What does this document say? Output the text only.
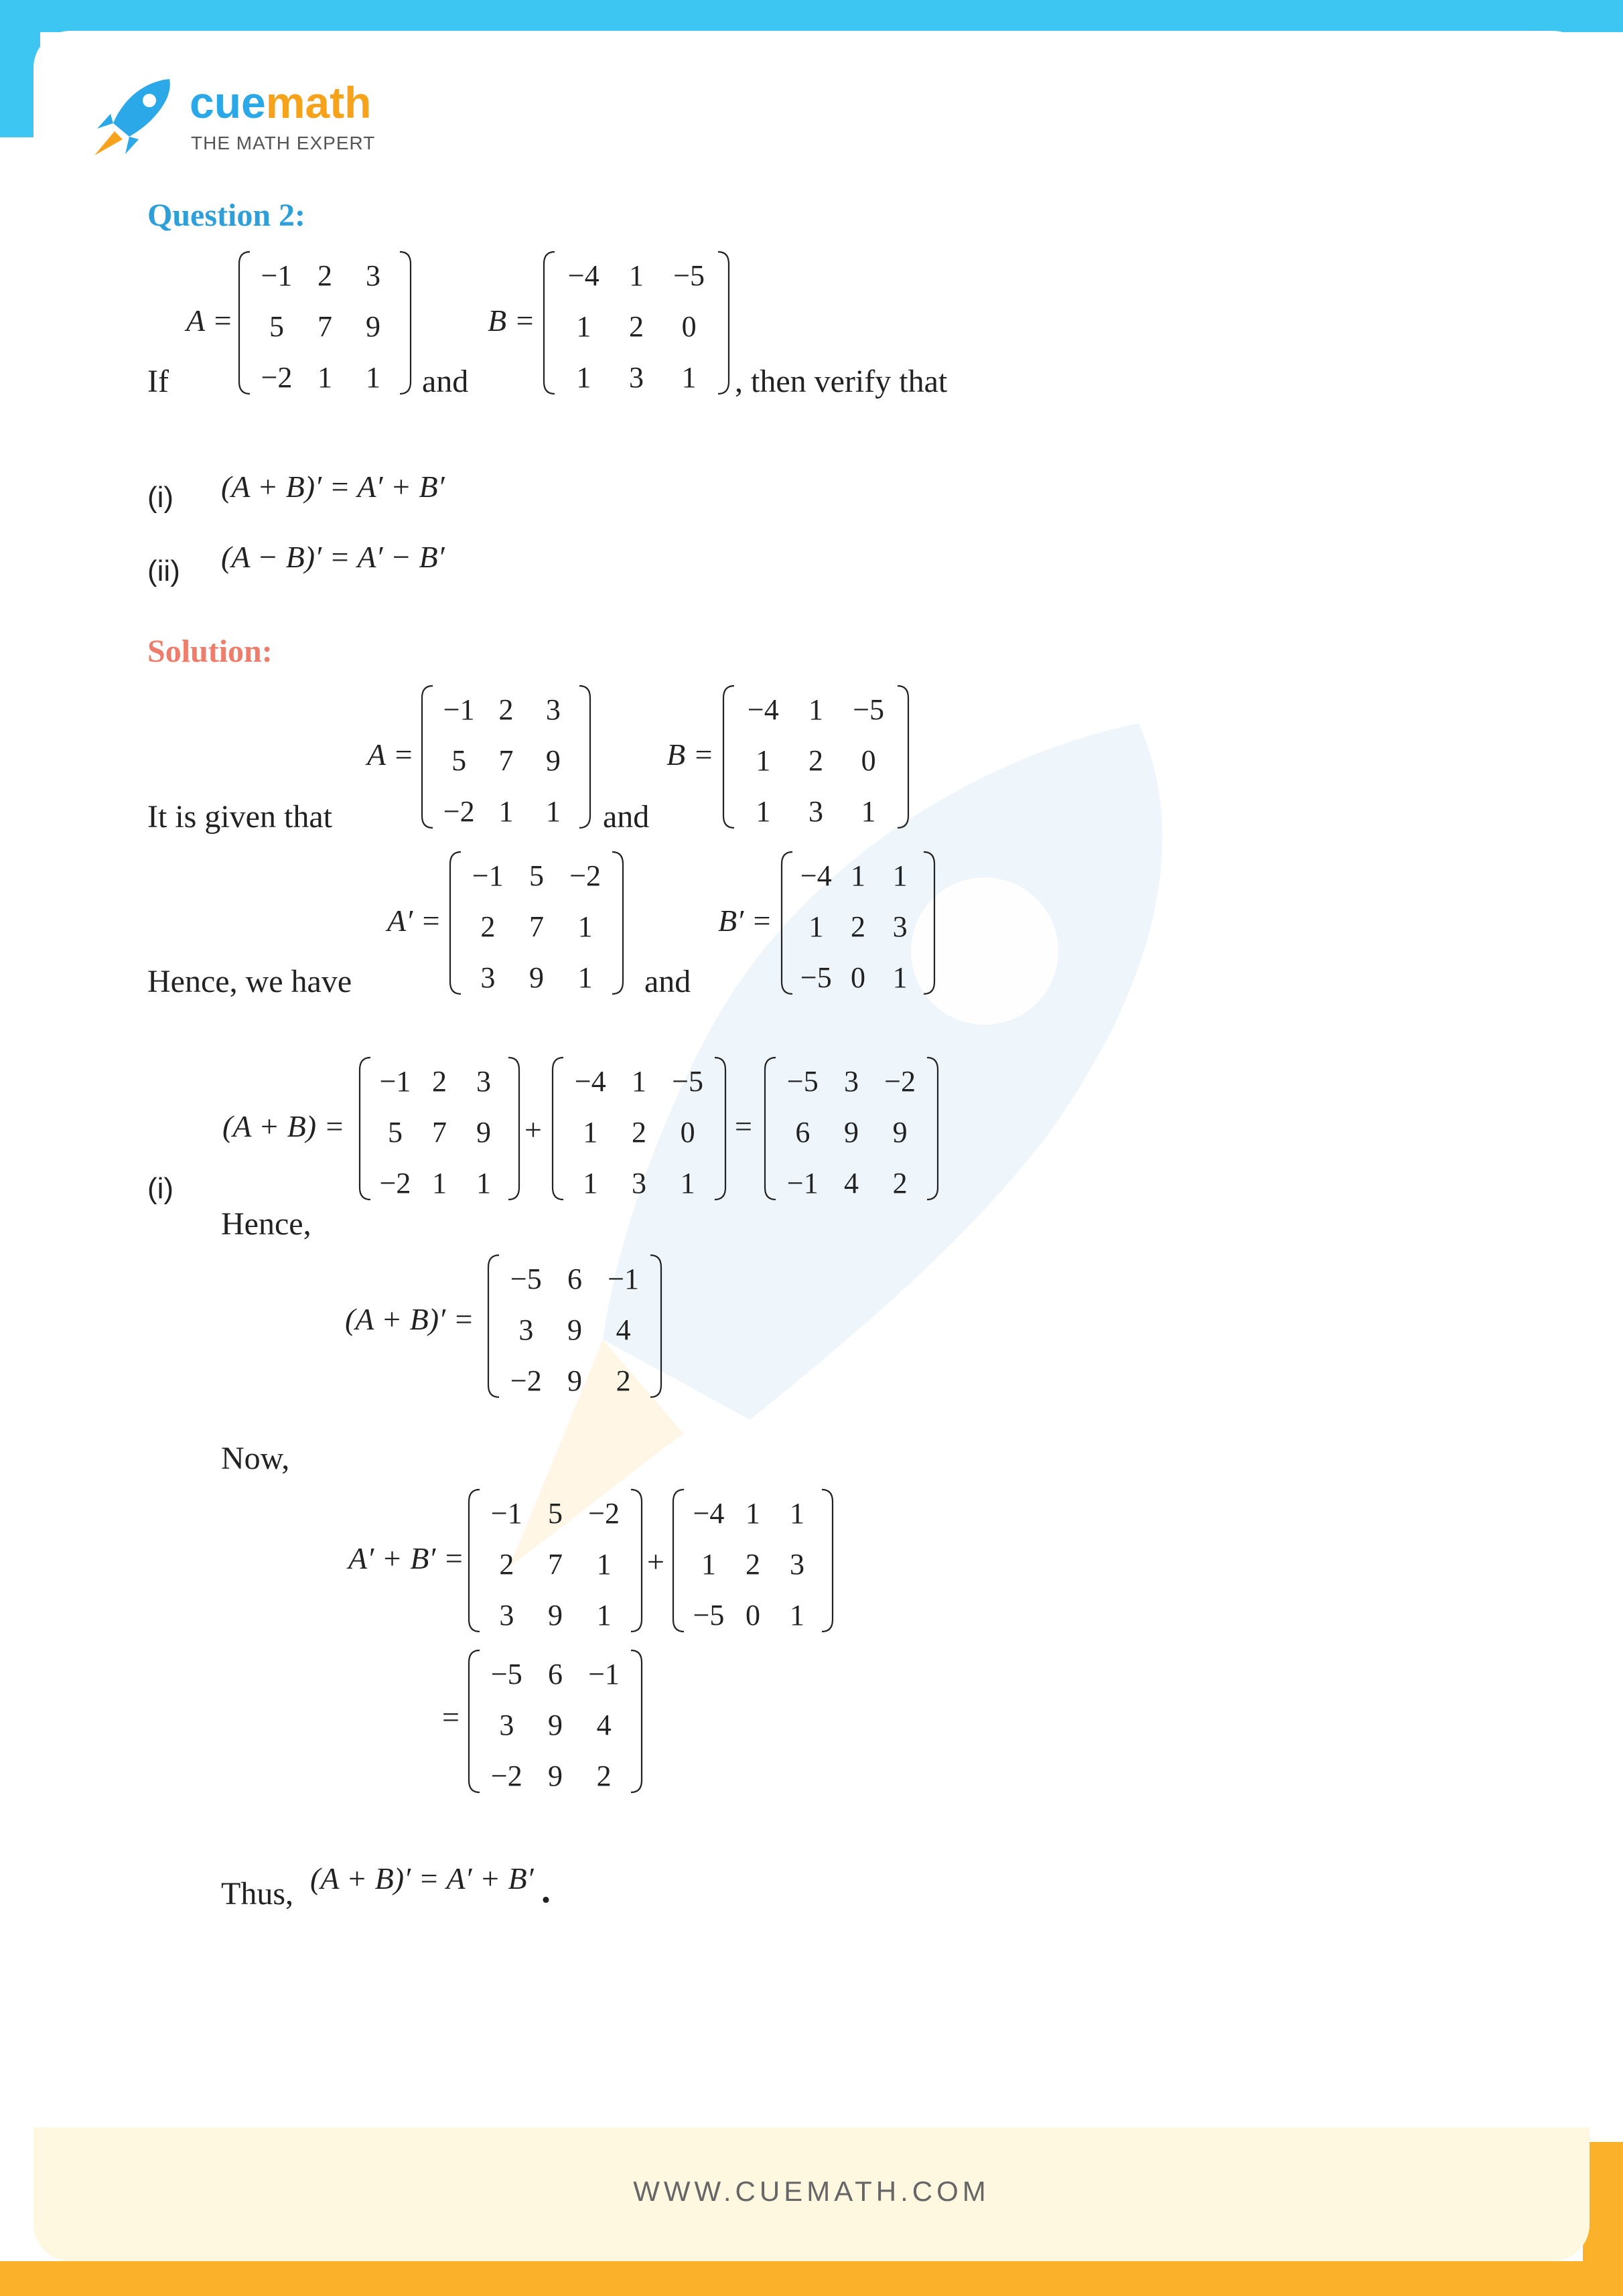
WWW.CUEMATH.COM
cuemath
THE MATH EXPERT
Question 2:
If
A =
−1 2	3
5	7	9
−2 1	1	and
B =
−4	1	−5
1	2	0
1	3	1	, then verify that
(i) (A + B)′ = A′ + B′
(ii) (A − B)′ = A′ − B′
Solution:
It is given that
A =
−1 2	3
5	7	9
−2 1	1	and
B =
−4	1	−5
1	2	0
1	3	1
Hence, we have
A′ =
−1 5 −2
2	7	1
3	9	1	and
B′ =
−4 1 1
1 2 3
−5 0 1
(i)
(A + B) =
−1 2	3
5	7	9
−2 1	1
+
−4 1 −5
1	2	0
1	3	1
=
−5 3 −2
6	9	9
−1 4	2
Hence,
(A + B)′ =
−5 6 −1
3	9	4
−2 9	2
Now,
A′ + B′ =
−1 5 −2
2	7	1
3	9	1
+
−4 1	1
1	2	3
−5 0	1
=
−5 6 −1
3	9	4
−2 9	2
Thus, (A + B)′ = A′ + B′ .
